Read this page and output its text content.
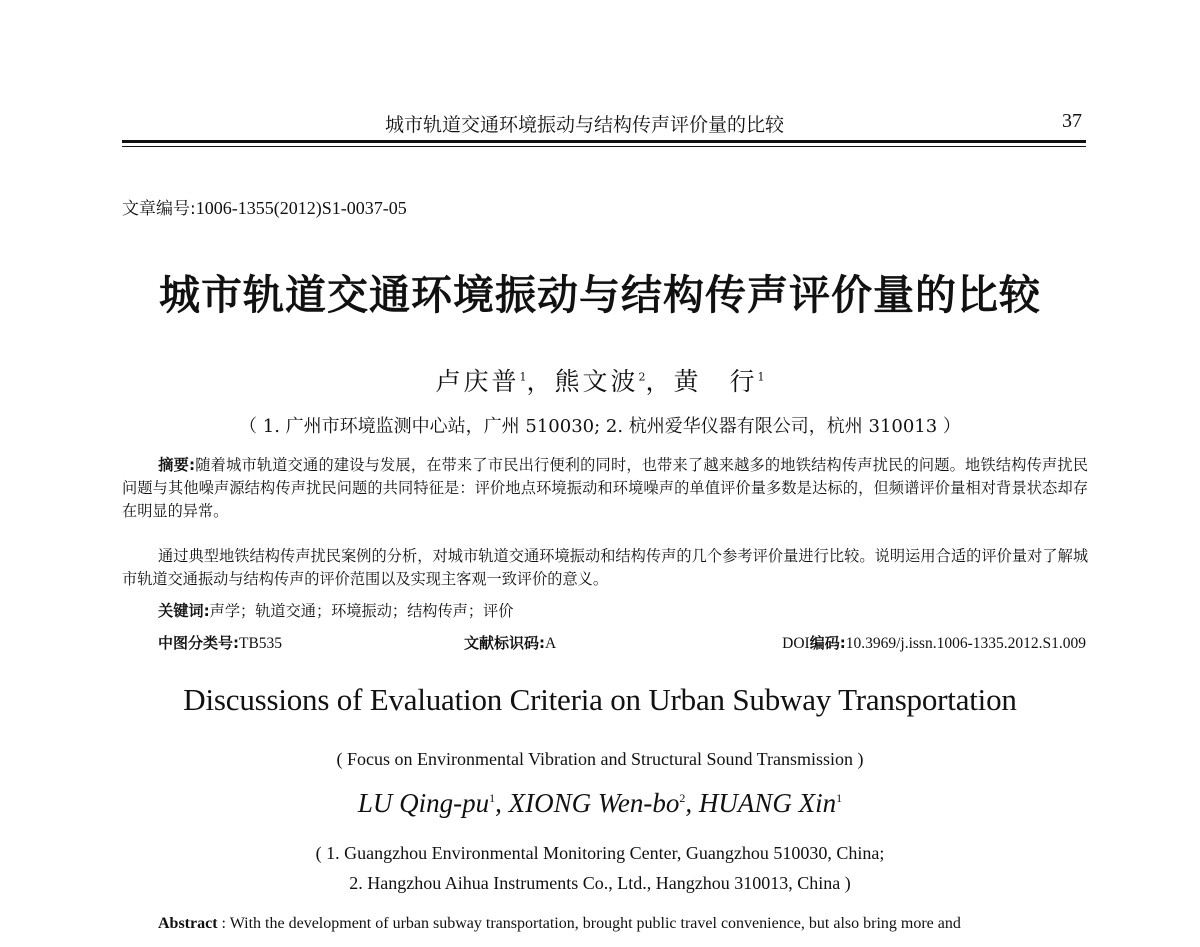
城市轨道交通环境振动与结构传声评价量的比较	37
文章编号:1006-1355(2012)S1-0037-05
城市轨道交通环境振动与结构传声评价量的比较
卢庆普$^1$，熊文波$^2$，黄　行$^1$
（ 1. 广州市环境监测中心站，广州 510030; 2. 杭州爱华仪器有限公司，杭州 310013 ）
摘要:随着城市轨道交通的建设与发展，在带来了市民出行便利的同时，也带来了越来越多的地铁结构传声扰民的问题。地铁结构传声扰民问题与其他噪声源结构传声扰民问题的共同特征是：评价地点环境振动和环境噪声的单值评价量多数是达标的，但频谱评价量相对背景状态却存在明显的异常。
通过典型地铁结构传声扰民案例的分析，对城市轨道交通环境振动和结构传声的几个参考评价量进行比较。说明运用合适的评价量对了解城市轨道交通振动与结构传声的评价范围以及实现主客观一致评价的意义。
关键词:声学；轨道交通；环境振动；结构传声；评价
中图分类号:TB535	文献标识码:A	DOI编码:10.3969/j.issn.1006-1335.2012.S1.009
Discussions of Evaluation Criteria on Urban Subway Transportation
( Focus on Environmental Vibration and Structural Sound Transmission )
LU Qing-$pu^1$, XIONG Wen-$bo^2$, HUANG Xin$^1$
( 1. Guangzhou Environmental Monitoring Center, Guangzhou 510030, China;
2. Hangzhou Aihua Instruments Co., Ltd., Hangzhou 310013, China )
Abstract : With the development of urban subway transportation, brought public travel convenience, but also bring more and
